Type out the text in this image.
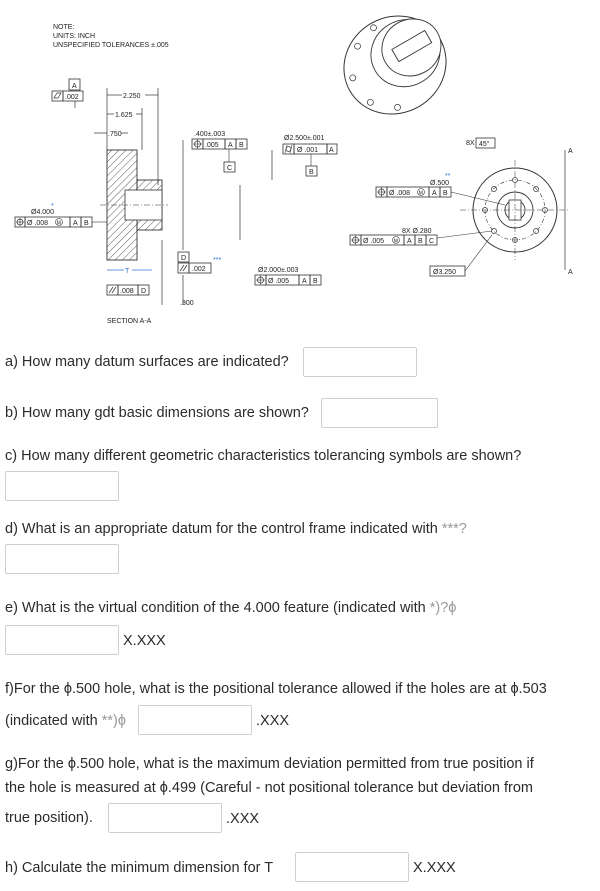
NOTE:
UNITS: INCH
UNSPECIFIED TOLERANCES ±.005
A
.002	2.250
1.625
.750	.400±.003
.005 A B
C
Ø2.500±.001
Ø .001 A
B
*
Ø4.000
Ø .008 M A B
D
.002
***
Ø2.000±.003
Ø .005 A B
T
.008 D
.300
SECTION A-A
A
A
8X 45°
**
Ø.500
Ø .008 M A B
8X Ø.280
Ø .005 M A B C
Ø3.250
a) How many datum surfaces are indicated?
b) How many gdt basic dimensions are shown?
c) How many different geometric characteristics tolerancing symbols are shown?
d) What is an appropriate datum for the control frame indicated with ***?
e) What is the virtual condition of the 4.000 feature (indicated with *)?ϕ
X.XXX
f)For the ϕ.500 hole, what is the positional tolerance allowed if the holes are at ϕ.503
(indicated with **)ϕ	.XXX
g)For the ϕ.500 hole, what is the maximum deviation permitted from true position if
the hole is measured at ϕ.499 (Careful - not positional tolerance but deviation from
true position).	.XXX
h) Calculate the minimum dimension for T	X.XXX
